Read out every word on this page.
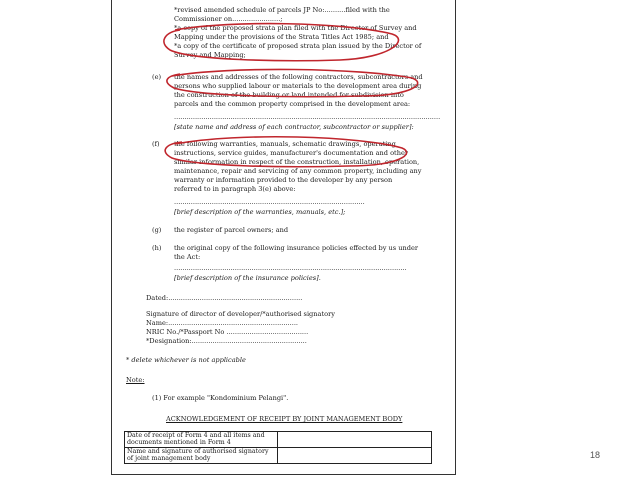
*revised amended schedule of parcels JP No:..........filed with the
Commissioner on.......................;
*a copy of the proposed strata plan filed with the Director of Survey and
Mapping under the provisions of the Strata Titles Act 1985; and
*a copy of the certificate of proposed strata plan issued by the Director of
Survey and Mapping;
(e) the names and addresses of the following contractors, subcontractors and
persons who supplied labour or materials to the development area during
the construction of the building or land intended for subdivision into
parcels and the common property comprised in the development area:
...............................................................................................................................
[state name and address of each contractor, subcontractor or supplier]:
(f) the following warranties, manuals, schematic drawings, operating
instructions, service guides, manufacturer's documentation and other
similar information in respect of the construction, installation, operation,
maintenance, repair and servicing of any common property, including any
warranty or information provided to the developer by any person
referred to in paragraph 3(e) above:
...........................................................................................
[brief description of the warranties, manuals, etc.];
(g) the register of parcel owners; and
(h) the original copy of the following insurance policies effected by us under
the Act:
...............................................................................................................
[brief description of the insurance policies].
Dated:................................................................
Signature of director of developer/*authorised signatory
Name:..............................................................
NRIC No./*Passport No .......................................
*Designation:.......................................................
* delete whichever is not applicable
Note:
(1) For example "Kondominium Pelangi".
ACKNOWLEDGEMENT OF RECEIPT BY JOINT MANAGEMENT BODY
Date of receipt of Form 4 and all items and documents mentioned in Form 4	
Name and signature of authorised signatory of joint management body		18
